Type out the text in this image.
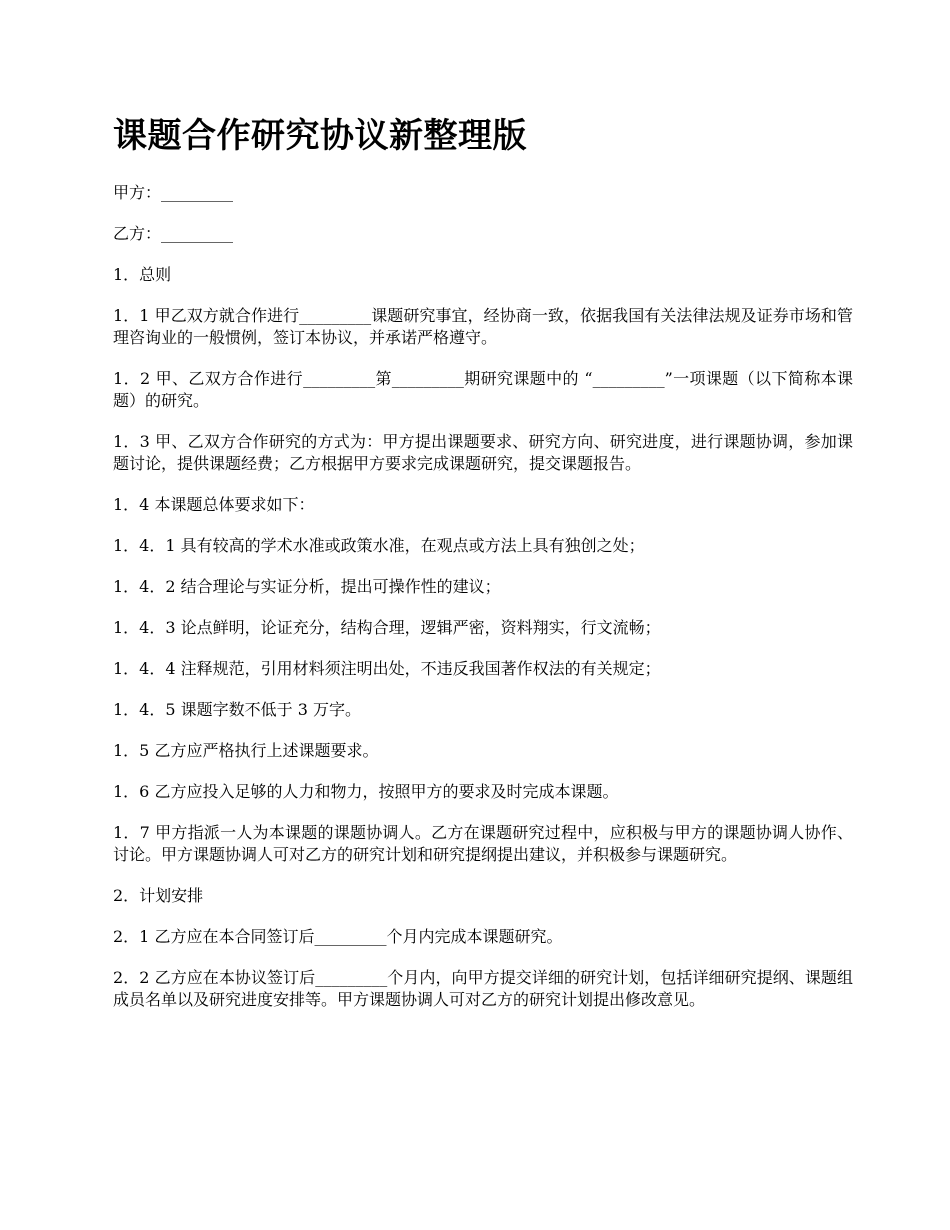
课题合作研究协议新整理版

甲方：_________

乙方：_________

1．总则

1．1 甲乙双方就合作进行_________课题研究事宜，经协商一致，依据我国有关法律法规及证券市场和管理咨询业的一般惯例，签订本协议，并承诺严格遵守。

1．2 甲、乙双方合作进行_________第_________期研究课题中的 “_________”一项课题（以下简称本课题）的研究。

1．3 甲、乙双方合作研究的方式为：甲方提出课题要求、研究方向、研究进度，进行课题协调，参加课题讨论，提供课题经费；乙方根据甲方要求完成课题研究，提交课题报告。

1．4 本课题总体要求如下：

1．4．1 具有较高的学术水准或政策水准，在观点或方法上具有独创之处；

1．4．2 结合理论与实证分析，提出可操作性的建议；

1．4．3 论点鲜明，论证充分，结构合理，逻辑严密，资料翔实，行文流畅；

1．4．4 注释规范，引用材料须注明出处，不违反我国著作权法的有关规定；

1．4．5 课题字数不低于 3 万字。

1．5 乙方应严格执行上述课题要求。

1．6 乙方应投入足够的人力和物力，按照甲方的要求及时完成本课题。

1．7 甲方指派一人为本课题的课题协调人。乙方在课题研究过程中，应积极与甲方的课题协调人协作、讨论。甲方课题协调人可对乙方的研究计划和研究提纲提出建议，并积极参与课题研究。

2．计划安排

2．1 乙方应在本合同签订后_________个月内完成本课题研究。

2．2 乙方应在本协议签订后_________个月内，向甲方提交详细的研究计划，包括详细研究提纲、课题组成员名单以及研究进度安排等。甲方课题协调人可对乙方的研究计划提出修改意见。
